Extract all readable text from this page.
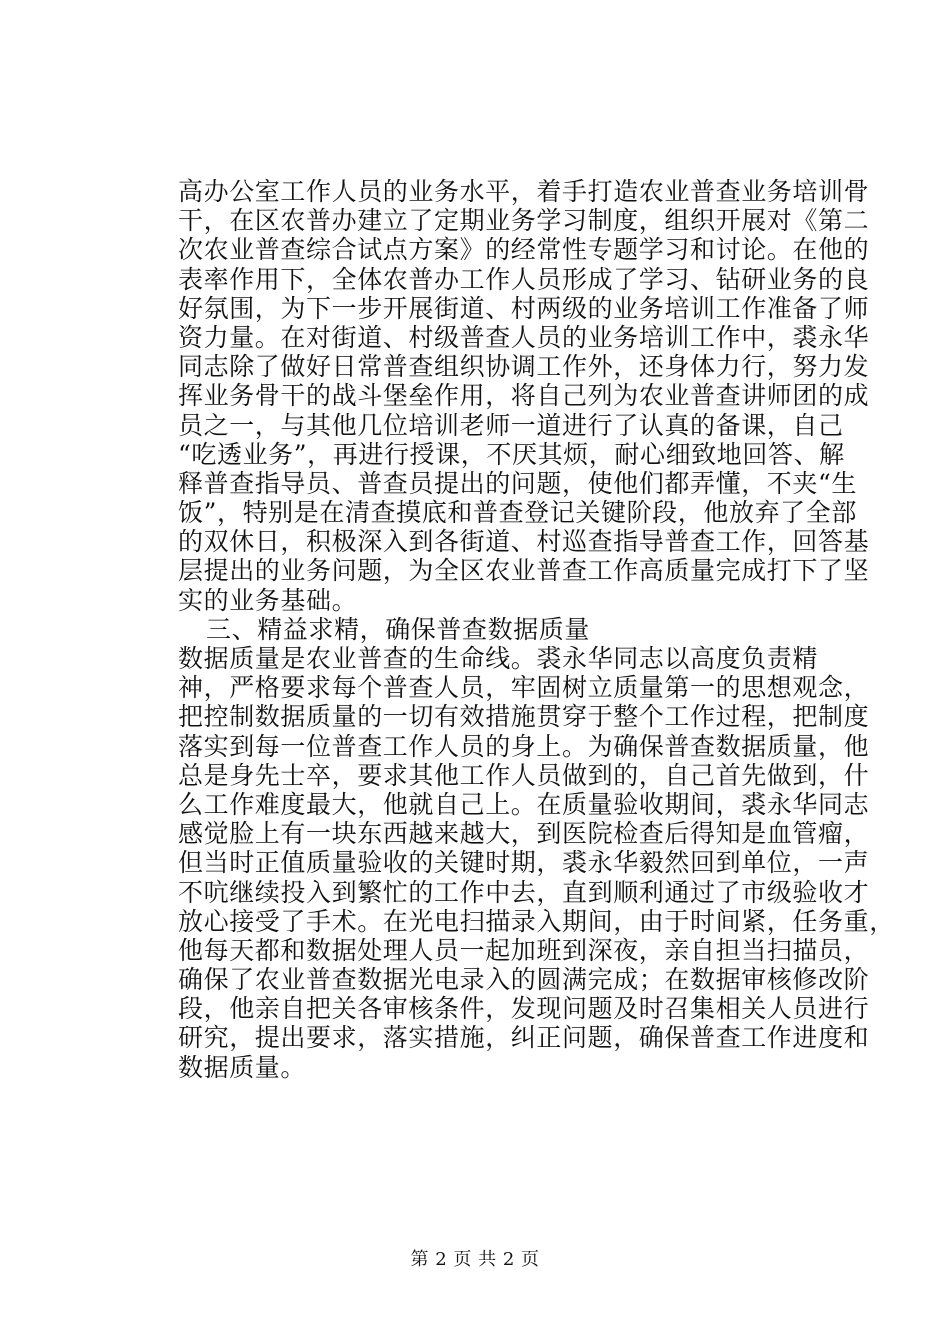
高办公室工作人员的业务水平，着手打造农业普查业务培训骨
干，在区农普办建立了定期业务学习制度，组织开展对《第二
次农业普查综合试点方案》的经常性专题学习和讨论。在他的
表率作用下，全体农普办工作人员形成了学习、钻研业务的良
好氛围，为下一步开展街道、村两级的业务培训工作准备了师
资力量。在对街道、村级普查人员的业务培训工作中，裘永华
同志除了做好日常普查组织协调工作外，还身体力行，努力发
挥业务骨干的战斗堡垒作用，将自己列为农业普查讲师团的成
员之一，与其他几位培训老师一道进行了认真的备课，自己
“吃透业务”，再进行授课，不厌其烦，耐心细致地回答、解
释普查指导员、普查员提出的问题，使他们都弄懂，不夹“生
饭”，特别是在清查摸底和普查登记关键阶段，他放弃了全部
的双休日，积极深入到各街道、村巡查指导普查工作，回答基
层提出的业务问题，为全区农业普查工作高质量完成打下了坚
实的业务基础。
三、精益求精，确保普查数据质量
数据质量是农业普查的生命线。裘永华同志以高度负责精
神，严格要求每个普查人员，牢固树立质量第一的思想观念，
把控制数据质量的一切有效措施贯穿于整个工作过程，把制度
落实到每一位普查工作人员的身上。为确保普查数据质量，他
总是身先士卒，要求其他工作人员做到的，自己首先做到，什
么工作难度最大，他就自己上。在质量验收期间，裘永华同志
感觉脸上有一块东西越来越大，到医院检查后得知是血管瘤，
但当时正值质量验收的关键时期，裘永华毅然回到单位，一声
不吭继续投入到繁忙的工作中去，直到顺利通过了市级验收才
放心接受了手术。在光电扫描录入期间，由于时间紧，任务重，
他每天都和数据处理人员一起加班到深夜，亲自担当扫描员，
确保了农业普查数据光电录入的圆满完成；在数据审核修改阶
段，他亲自把关各审核条件，发现问题及时召集相关人员进行
研究，提出要求，落实措施，纠正问题，确保普查工作进度和
数据质量。
第 2 页 共 2 页
